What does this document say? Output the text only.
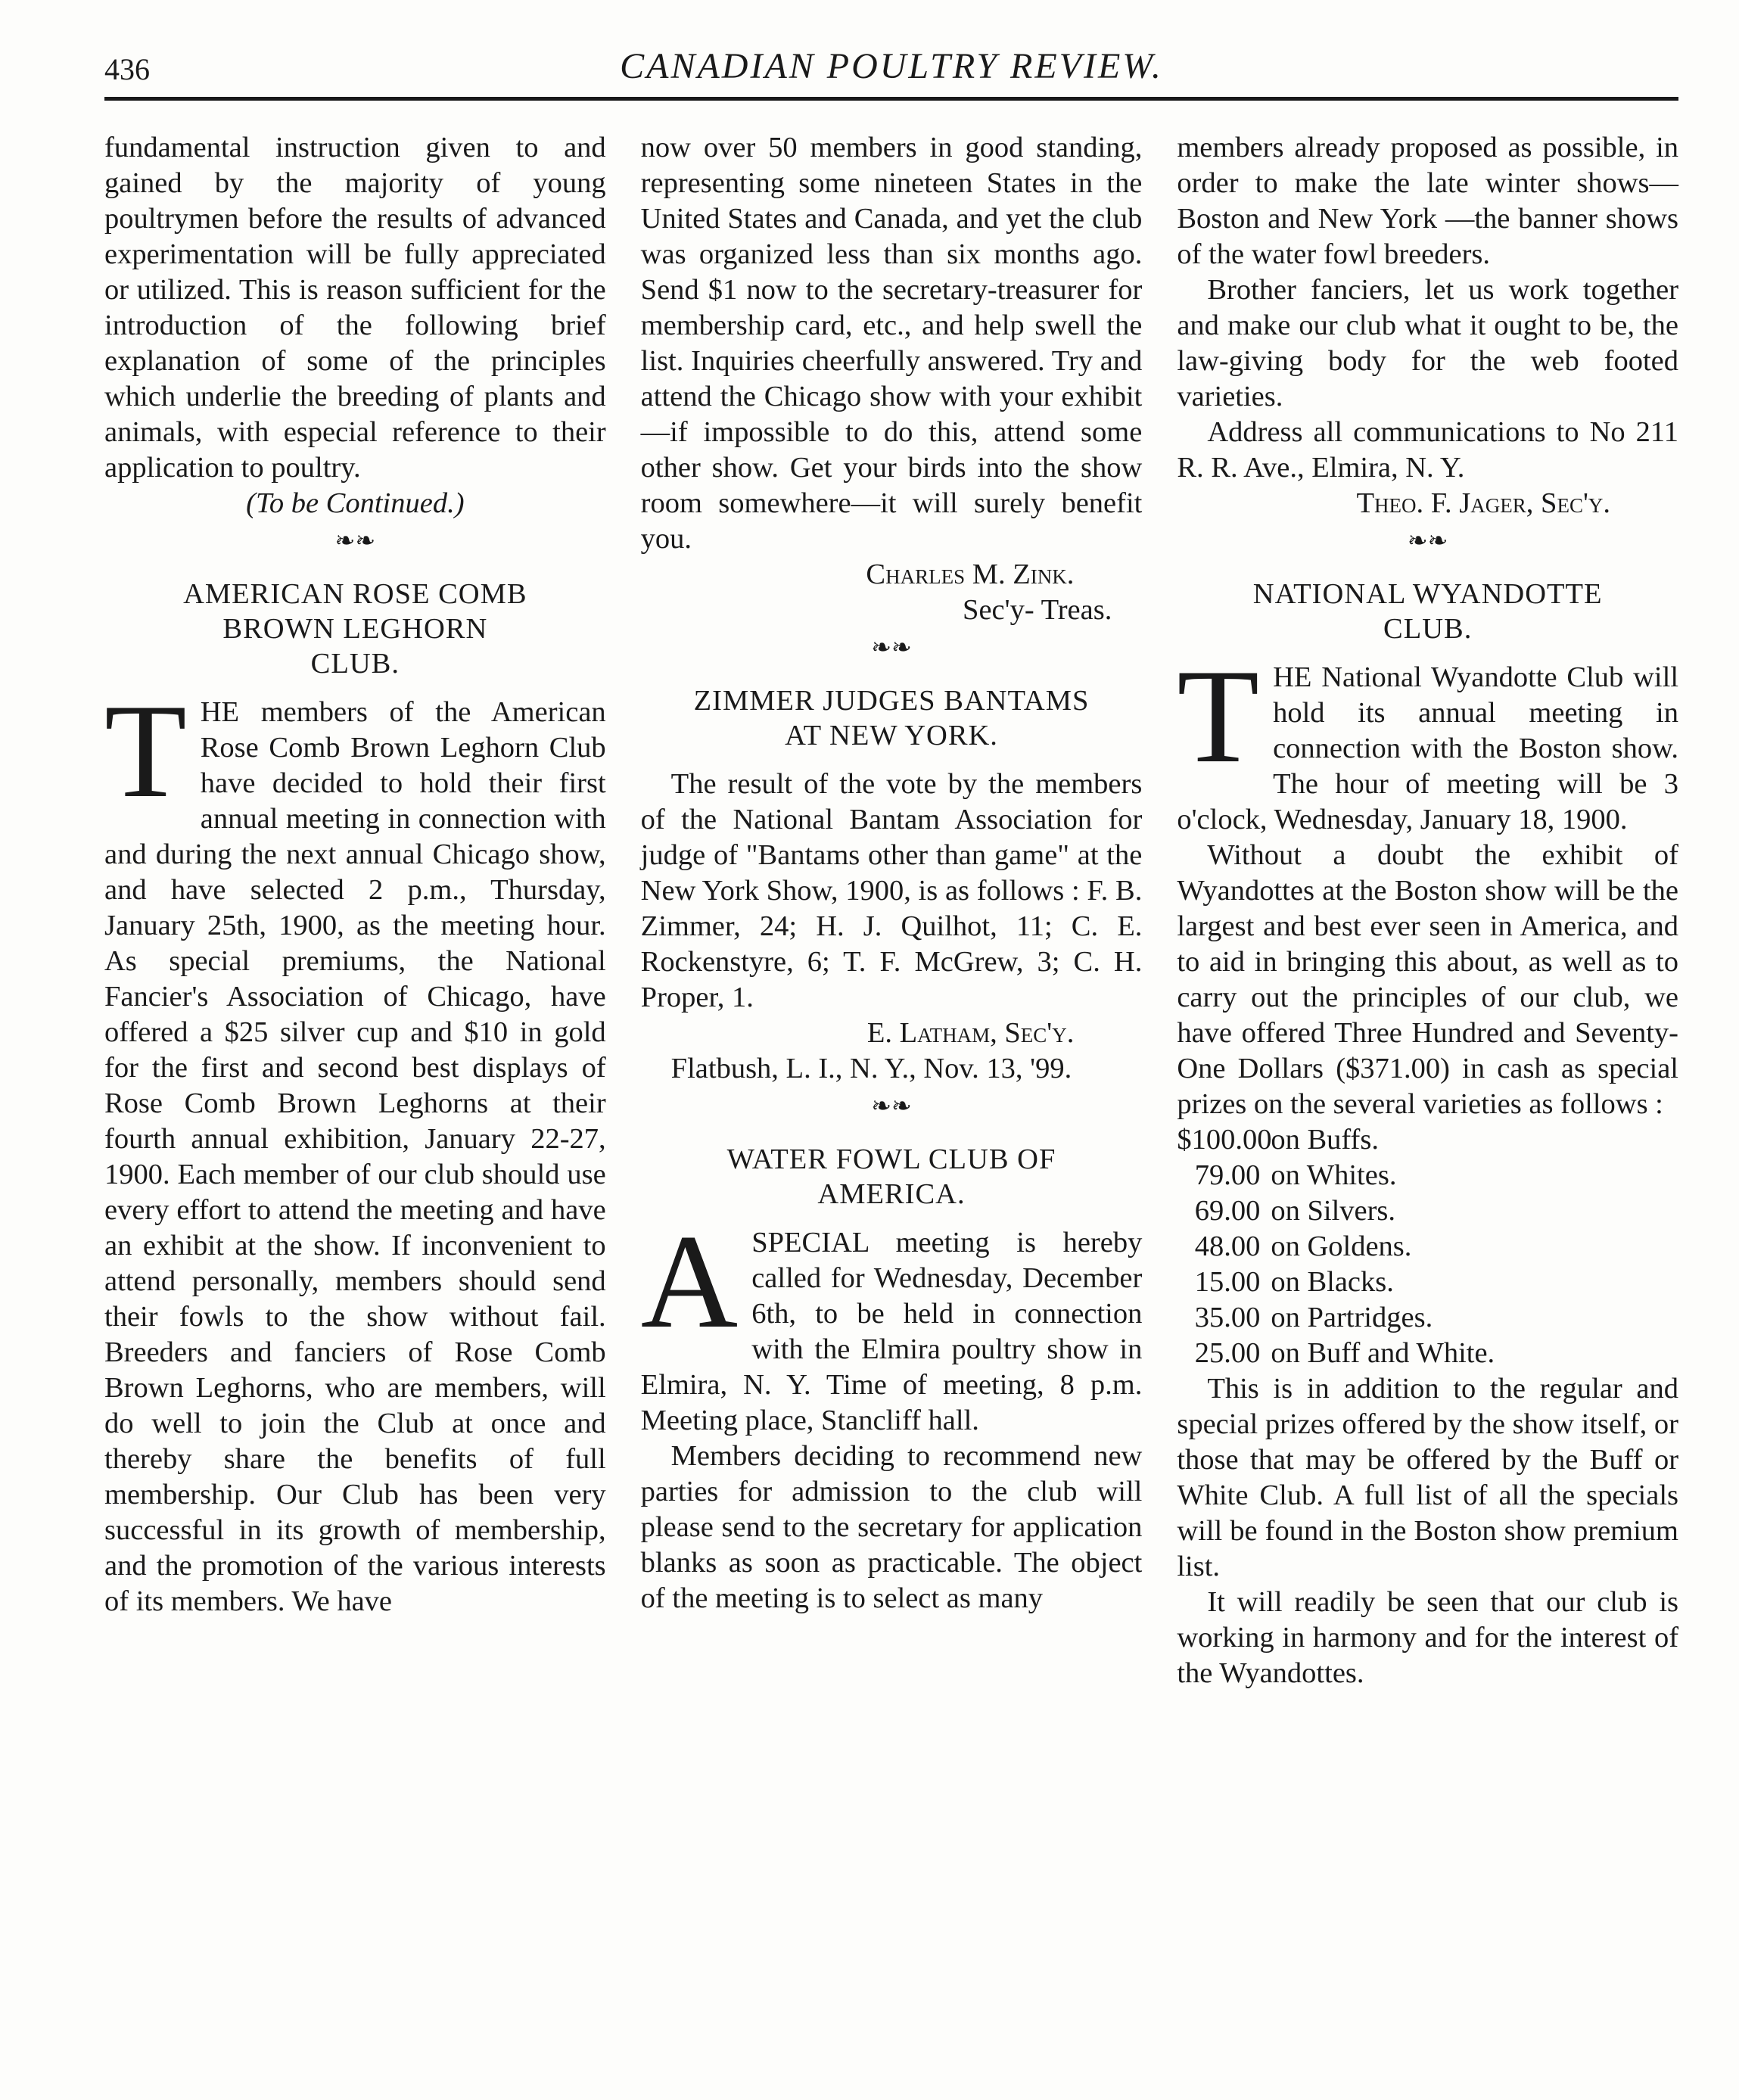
436	CANADIAN POULTRY REVIEW.

fundamental instruction given to and gained by the majority of young poultrymen before the results of advanced experimentation will be fully appreciated or utilized. This is reason sufficient for the introduction of the following brief explanation of some of the principles which underlie the breeding of plants and animals, with especial reference to their application to poultry.

(To be Continued.)

❧❧
AMERICAN ROSE COMB
BROWN LEGHORN
CLUB.

THE members of the American Rose Comb Brown Leghorn Club have decided to hold their first annual meeting in connection with and during the next annual Chicago show, and have selected 2 p.m., Thursday, January 25th, 1900, as the meeting hour. As special premiums, the National Fancier's Association of Chicago, have offered a $25 silver cup and $10 in gold for the first and second best displays of Rose Comb Brown Leghorns at their fourth annual exhibition, January 22-27, 1900. Each member of our club should use every effort to attend the meeting and have an exhibit at the show. If inconvenient to attend personally, members should send their fowls to the show without fail. Breeders and fanciers of Rose Comb Brown Leghorns, who are members, will do well to join the Club at once and thereby share the benefits of full membership. Our Club has been very successful in its growth of membership, and the promotion of the various interests of its members. We have

now over 50 members in good standing, representing some nineteen States in the United States and Canada, and yet the club was organized less than six months ago. Send $1 now to the secretary-treasurer for membership card, etc., and help swell the list. Inquiries cheerfully answered. Try and attend the Chicago show with your exhibit—if impossible to do this, attend some other show. Get your birds into the show room somewhere—it will surely benefit you.

Charles M. Zink.

Sec'y- Treas.

❧❧
ZIMMER JUDGES BANTAMS
AT NEW YORK.

The result of the vote by the members of the National Bantam Association for judge of "Bantams other than game" at the New York Show, 1900, is as follows : F. B. Zimmer, 24; H. J. Quilhot, 11; C. E. Rockenstyre, 6; T. F. McGrew, 3; C. H. Proper, 1.

E. Latham, Sec'y.

Flatbush, L. I., N. Y., Nov. 13, '99.

❧❧
WATER FOWL CLUB OF
AMERICA.

ASPECIAL meeting is hereby called for Wednesday, December 6th, to be held in connection with the Elmira poultry show in Elmira, N. Y. Time of meeting, 8 p.m. Meeting place, Stancliff hall.

Members deciding to recommend new parties for admission to the club will please send to the secretary for application blanks as soon as practicable. The object of the meeting is to select as many

members already proposed as possible, in order to make the late winter shows—Boston and New York —the banner shows of the water fowl breeders.

Brother fanciers, let us work together and make our club what it ought to be, the law-giving body for the web footed varieties.

Address all communications to No 211 R. R. Ave., Elmira, N. Y.

Theo. F. Jager, Sec'y.

❧❧
NATIONAL WYANDOTTE
CLUB.

THE National Wyandotte Club will hold its annual meeting in connection with the Boston show. The hour of meeting will be 3 o'clock, Wednesday, January 18, 1900.

Without a doubt the exhibit of Wyandottes at the Boston show will be the largest and best ever seen in America, and to aid in bringing this about, as well as to carry out the principles of our club, we have offered Three Hundred and Seventy-One Dollars ($371.00) in cash as special prizes on the several varieties as follows :

$100.00
on Buffs.

79.00 on Whites.

69.00 on Silvers.

48.00 on Goldens.

15.00 on Blacks.

35.00 on Partridges.

25.00 on Buff and White.

This is in addition to the regular and special prizes offered by the show itself, or those that may be offered by the Buff or White Club. A full list of all the specials will be found in the Boston show premium list.

It will readily be seen that our club is working in harmony and for the interest of the Wyandottes.
